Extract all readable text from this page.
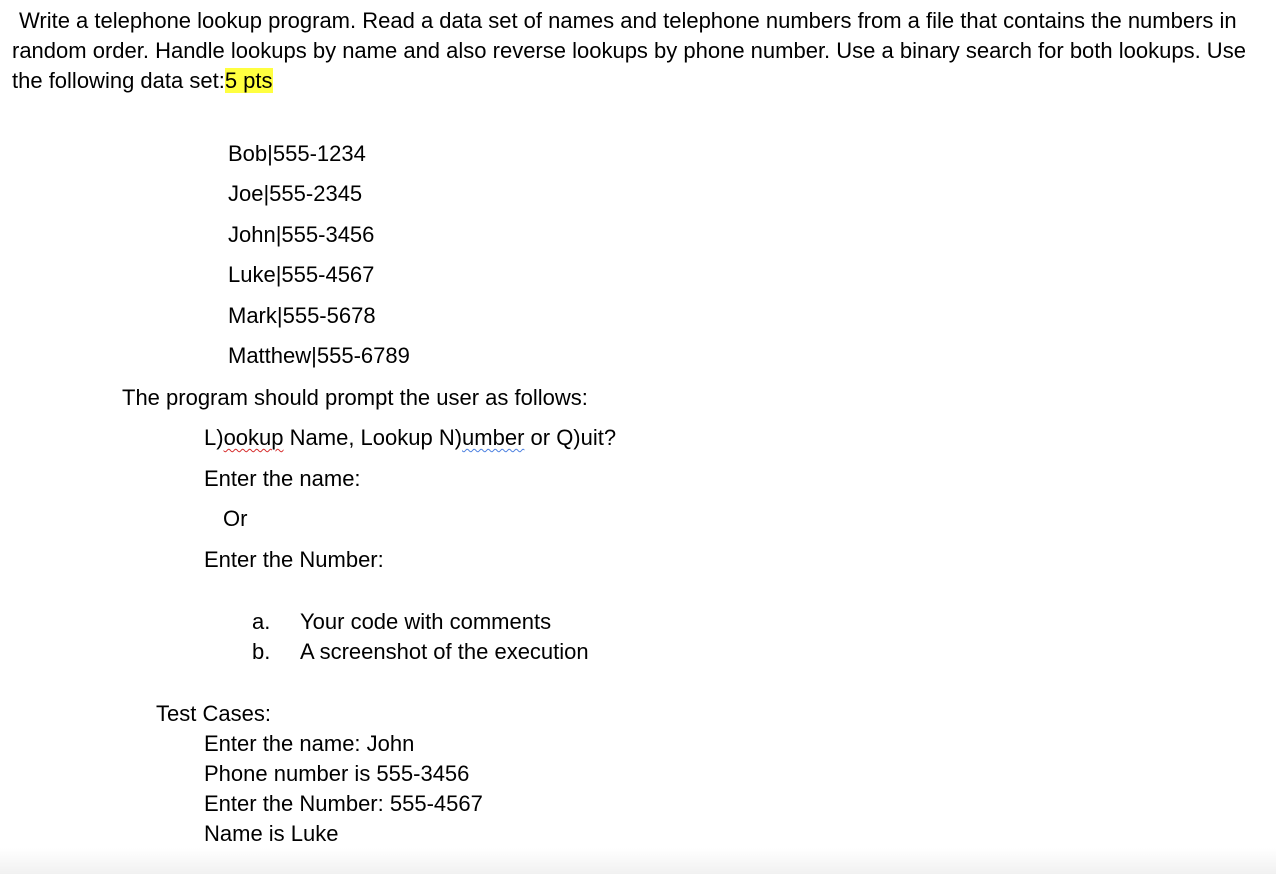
Write a telephone lookup program. Read a data set of names and telephone numbers from a file that contains the numbers in random order. Handle lookups by name and also reverse lookups by phone number. Use a binary search for both lookups. Use the following data set:5 pts

Bob|555-1234

Joe|555-2345

John|555-3456

Luke|555-4567

Mark|555-5678

Matthew|555-6789

The program should prompt the user as follows:

L)ookup Name, Lookup N)umber or Q)uit?

Enter the name:

Or

Enter the Number:

a. Your code with comments
b. A screenshot of the execution

Test Cases:

Enter the name: John

Phone number is 555-3456

Enter the Number: 555-4567

Name is Luke
